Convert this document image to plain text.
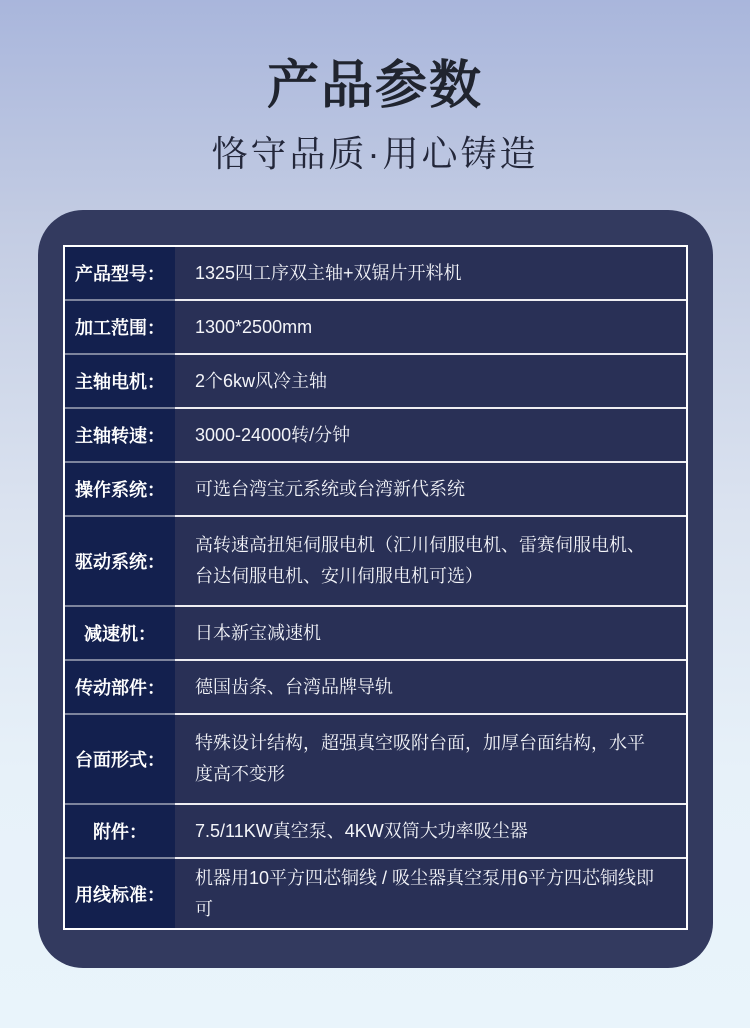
产品参数
恪守品质·用心铸造
产品型号：	1325四工序双主轴+双锯片开料机
加工范围：	1300*2500mm
主轴电机：	2个6kw风冷主轴
主轴转速：	3000-24000转/分钟
操作系统：	可选台湾宝元系统或台湾新代系统
驱动系统：
高转速高扭矩伺服电机（汇川伺服电机、雷赛伺服电机、台达伺服电机、安川伺服电机可选）
减速机：	日本新宝减速机
传动部件：	德国齿条、台湾品牌导轨
台面形式：
特殊设计结构，超强真空吸附台面，加厚台面结构，水平度高不变形
附件：	7.5/11KW真空泵、4KW双筒大功率吸尘器
用线标准：
机器用10平方四芯铜线 / 吸尘器真空泵用6平方四芯铜线即可
